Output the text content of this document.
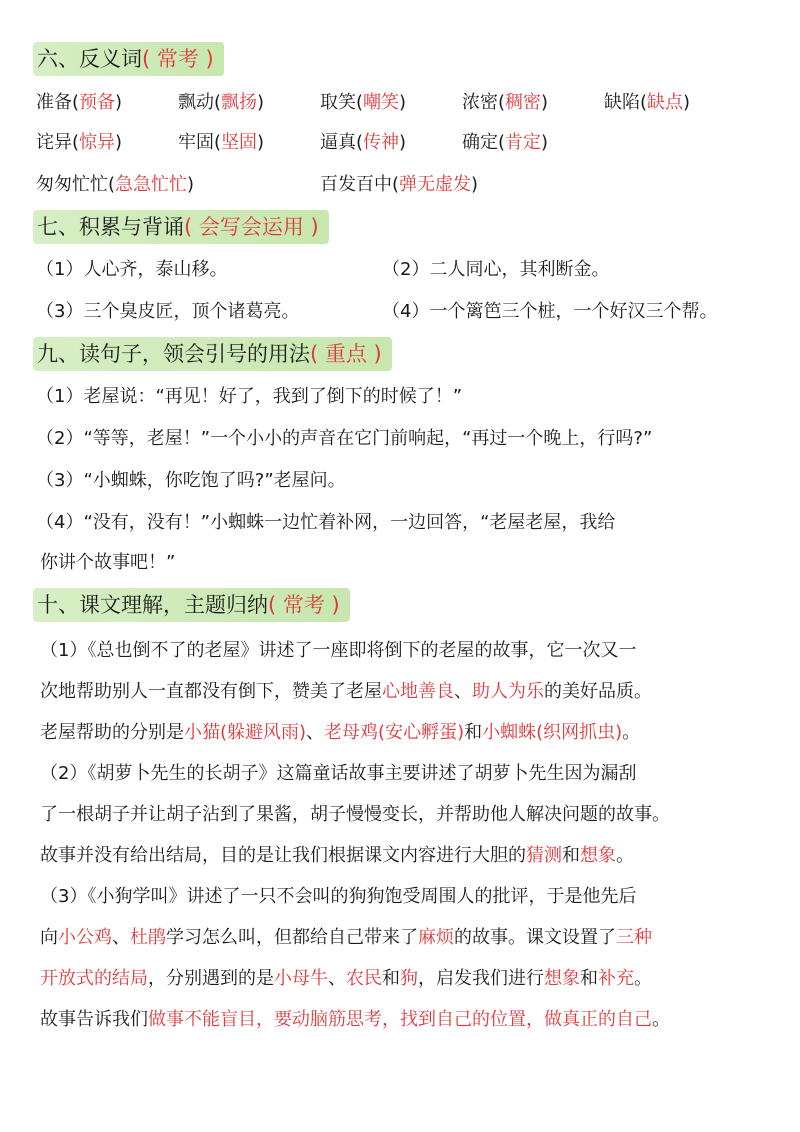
六、反义词( 常考 )
准备(预备)	飘动(飘扬)	取笑(嘲笑)	浓密(稠密)	缺陷(缺点)
诧异(惊异)	牢固(坚固)	逼真(传神)	确定(肯定)
匆匆忙忙(急急忙忙)	百发百中(弹无虚发)
七、积累与背诵( 会写会运用 )
（1）人心齐，泰山移。	（2）二人同心，其利断金。
（3）三个臭皮匠，顶个诸葛亮。	（4）一个篱笆三个桩，一个好汉三个帮。
九、读句子，领会引号的用法( 重点 )
（1）老屋说：“再见！好了，我到了倒下的时候了！”
（2）“等等，老屋！”一个小小的声音在它门前响起，“再过一个晚上，行吗?”
（3）“小蜘蛛，你吃饱了吗?”老屋问。
（4）“没有，没有！”小蜘蛛一边忙着补网，一边回答，“老屋老屋，我给
你讲个故事吧！”
十、课文理解，主题归纳( 常考 )
（1）《总也倒不了的老屋》讲述了一座即将倒下的老屋的故事，它一次又一
次地帮助别人一直都没有倒下，赞美了老屋心地善良、助人为乐的美好品质。
老屋帮助的分别是小猫(躲避风雨)、老母鸡(安心孵蛋)和小蜘蛛(织网抓虫)。
（2）《胡萝卜先生的长胡子》这篇童话故事主要讲述了胡萝卜先生因为漏刮
了一根胡子并让胡子沾到了果酱，胡子慢慢变长，并帮助他人解决问题的故事。
故事并没有给出结局，目的是让我们根据课文内容进行大胆的猜测和想象。
（3）《小狗学叫》讲述了一只不会叫的狗狗饱受周围人的批评，于是他先后
向小公鸡、杜鹃学习怎么叫，但都给自己带来了麻烦的故事。课文设置了三种
开放式的结局，分别遇到的是小母牛、农民和狗，启发我们进行想象和补充。
故事告诉我们做事不能盲目，要动脑筋思考，找到自己的位置，做真正的自己。
